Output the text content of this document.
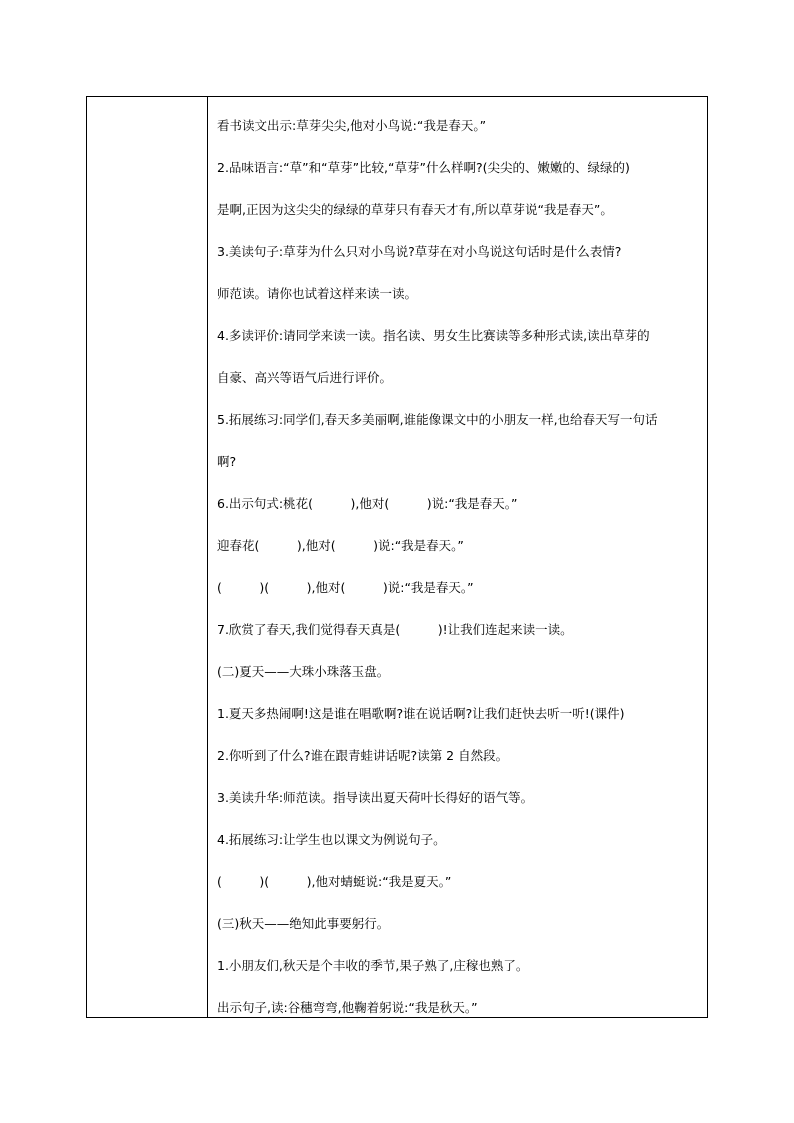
看书读文出示:草芽尖尖,他对小鸟说:“我是春天。”
2.品味语言:“草”和“草芽”比较,“草芽”什么样啊?(尖尖的、嫩嫩的、绿绿的)
是啊,正因为这尖尖的绿绿的草芽只有春天才有,所以草芽说“我是春天”。
3.美读句子:草芽为什么只对小鸟说?草芽在对小鸟说这句话时是什么表情?
师范读。请你也试着这样来读一读。
4.多读评价:请同学来读一读。指名读、男女生比赛读等多种形式读,读出草芽的
自豪、高兴等语气后进行评价。
5.拓展练习:同学们,春天多美丽啊,谁能像课文中的小朋友一样,也给春天写一句话
啊?
6.出示句式:桃花(　　　),他对(　　　)说:“我是春天。”
迎春花(　　　),他对(　　　)说:“我是春天。”
(　　　)(　　　),他对(　　　)说:“我是春天。”
7.欣赏了春天,我们觉得春天真是(　　　)!让我们连起来读一读。
(二)夏天——大珠小珠落玉盘。
1.夏天多热闹啊!这是谁在唱歌啊?谁在说话啊?让我们赶快去听一听!(课件)
2.你听到了什么?谁在跟青蛙讲话呢?读第 2 自然段。
3.美读升华:师范读。指导读出夏天荷叶长得好的语气等。
4.拓展练习:让学生也以课文为例说句子。
(　　　)(　　　),他对蜻蜓说:“我是夏天。”
(三)秋天——绝知此事要躬行。
1.小朋友们,秋天是个丰收的季节,果子熟了,庄稼也熟了。
出示句子,读:谷穗弯弯,他鞠着躬说:“我是秋天。”
